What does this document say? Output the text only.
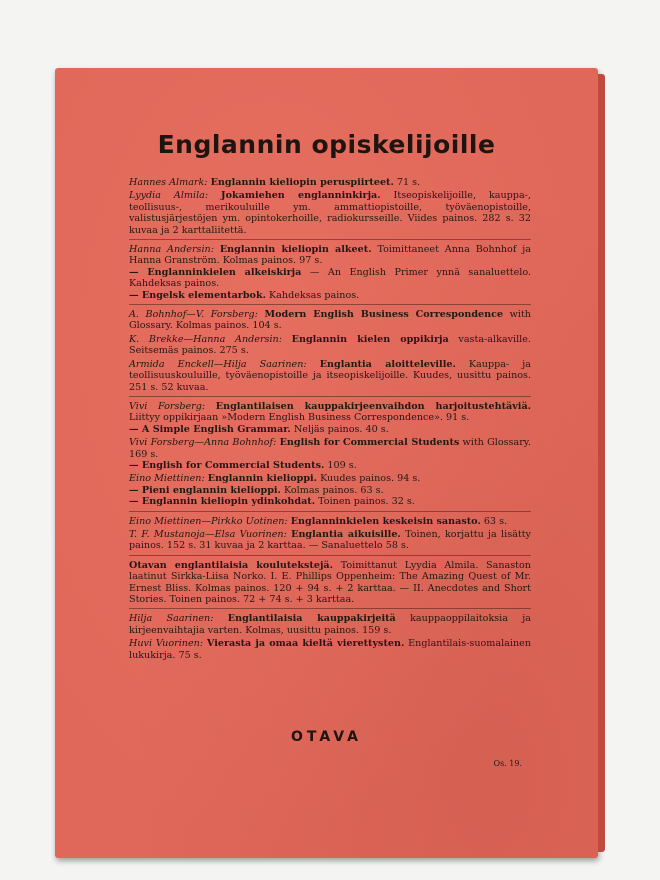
Englannin opiskelijoille
Hannes Almark: Englannin kieliopin peruspiirteet. 71 s.
Lyydia Almila: Jokamiehen englanninkirja. Itseopiskelijoille, kauppa-, teollisuus-, merikouluille ym. ammattiopistoille, työväenopistoille, valistusjärjestöjen ym. opintokerhoille, radiokursseille. Viides painos. 282 s. 32 kuvaa ja 2 karttaliitettä.
Hanna Andersin: Englannin kieliopin alkeet. Toimittaneet Anna Bohnhof ja Hanna Granström. Kolmas painos. 97 s.
— Englanninkielen alkeiskirja — An English Primer ynnä sanaluettelo. Kahdeksas painos.
— Engelsk elementarbok. Kahdeksas painos.
A. Bohnhof—V. Forsberg: Modern English Business Correspondence with Glossary. Kolmas painos. 104 s.
K. Brekke—Hanna Andersin: Englannin kielen oppikirja vasta-alkaville. Seitsemäs painos. 275 s.
Armida Enckell—Hilja Saarinen: Englantia aloitteleville. Kauppa- ja teollisuuskouluille, työväenopistoille ja itseopiskelijoille. Kuudes, uusittu painos. 251 s. 52 kuvaa.
Vivi Forsberg: Englantilaisen kauppakirjeenvaihdon harjoitustehtäviä. Liittyy oppikirjaan »Modern English Business Correspondence». 91 s.
— A Simple English Grammar. Neljäs painos. 40 s.
Vivi Forsberg—Anna Bohnhof: English for Commercial Students with Glossary. 169 s.
— English for Commercial Students. 109 s.
Eino Miettinen: Englannin kielioppi. Kuudes painos. 94 s.
— Pieni englannin kielioppi. Kolmas painos. 63 s.
— Englannin kieliopin ydinkohdat. Toinen painos. 32 s.
Eino Miettinen—Pirkko Uotinen: Englanninkielen keskeisin sanasto. 63 s.
T. F. Mustanoja—Elsa Vuorinen: Englantia aikuisille. Toinen, korjattu ja lisätty painos. 152 s. 31 kuvaa ja 2 karttaa. — Sanaluettelo 58 s.
Otavan englantilaisia koulutekstejä. Toimittanut Lyydia Almila. Sanaston laatinut Sirkka-Liisa Norko. I. E. Phillips Oppenheim: The Amazing Quest of Mr. Ernest Bliss. Kolmas painos. 120 + 94 s. + 2 karttaa. — II. Anecdotes and Short Stories. Toinen painos. 72 + 74 s. + 3 karttaa.
Hilja Saarinen: Englantilaisia kauppakirjeitä kauppaoppilaitoksia ja kirjeenvaihtajia varten. Kolmas, uusittu painos. 159 s.
Huvi Vuorinen: Vierasta ja omaa kieltä vierettysten. Englantilais-suomalainen lukukirja. 75 s.
OTAVA
Os. 19.
